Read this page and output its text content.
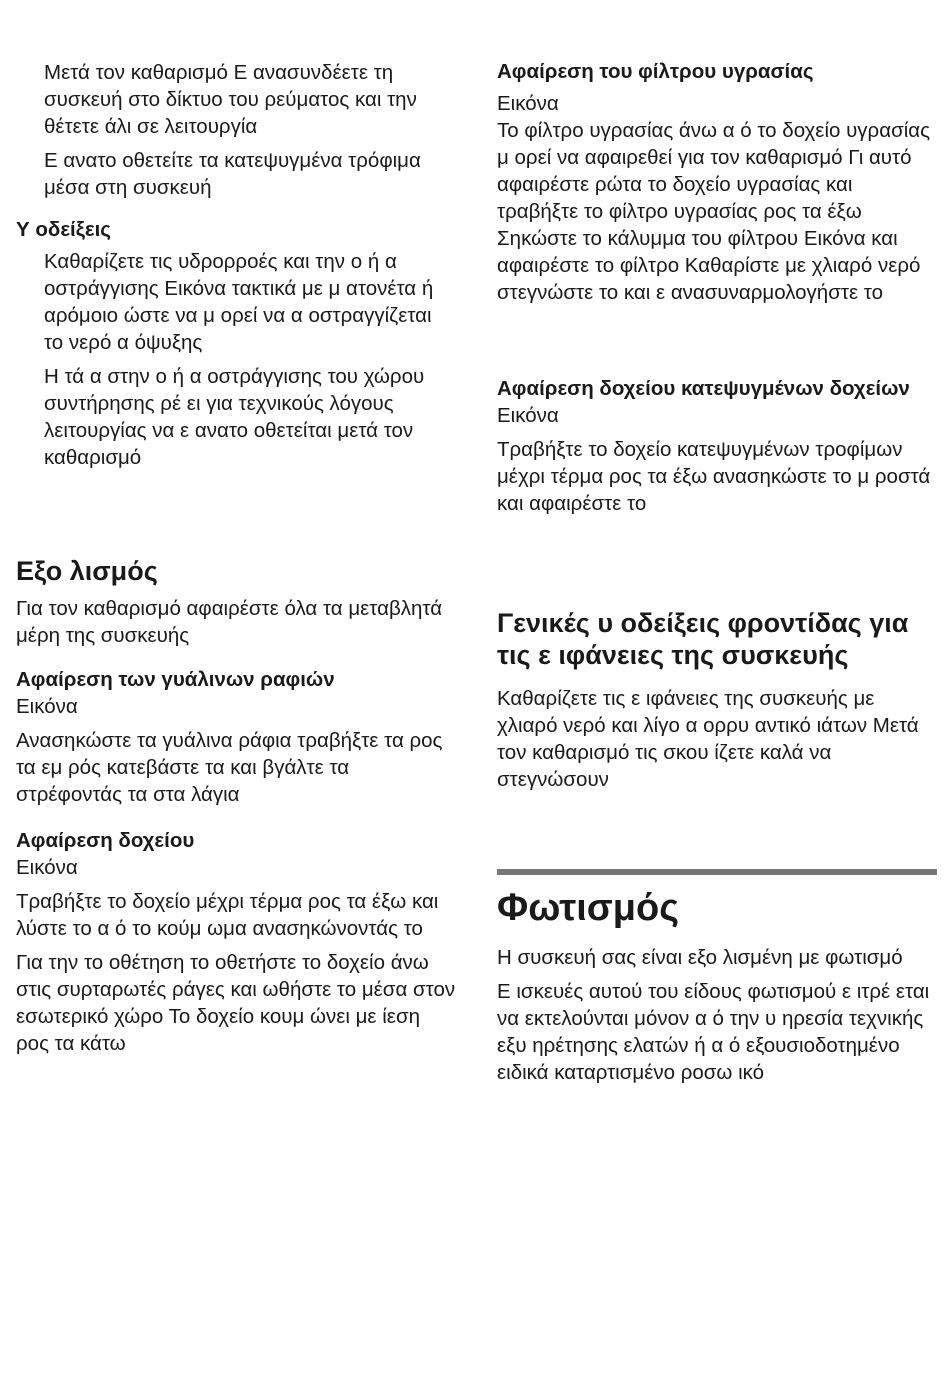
Μετά τον καθαρισμό Ε ανασυνδέετε τη συσκευή στο δίκτυο του ρεύματος και την θέτετε άλι σε λειτουργία

Ε ανατο οθετείτε τα κατεψυγμένα τρόφιμα μέσα στη συσκευή

Υ οδείξεις

Καθαρίζετε τις υδρορροές και την ο ή α οστράγγισης Εικόνα τακτικά με μ ατονέτα ή αρόμοιο ώστε να μ ορεί να α οστραγγίζεται το νερό α όψυξης

Η τά α στην ο ή α οστράγγισης του χώρου συντήρησης ρέ ει για τεχνικούς λόγους λειτουργίας να ε ανατο οθετείται μετά τον καθαρισμό

Εξο λισμός

Για τον καθαρισμό αφαιρέστε όλα τα μεταβλητά μέρη της συσκευής

Αφαίρεση των γυάλινων ραφιών

Εικόνα

Ανασηκώστε τα γυάλινα ράφια τραβήξτε τα ρος τα εμ ρός κατεβάστε τα και βγάλτε τα στρέφοντάς τα στα λάγια

Αφαίρεση δοχείου

Εικόνα

Τραβήξτε το δοχείο μέχρι τέρμα ρος τα έξω και λύστε το α ό το κούμ ωμα ανασηκώνοντάς το

Για την το οθέτηση το οθετήστε το δοχείο άνω στις συρταρωτές ράγες και ωθήστε το μέσα στον εσωτερικό χώρο Το δοχείο κουμ ώνει με ίεση ρος τα κάτω

Αφαίρεση του φίλτρου υγρασίας

Εικόνα

Το φίλτρο υγρασίας άνω α ό το δοχείο υγρασίας μ ορεί να αφαιρεθεί για τον καθαρισμό Γι αυτό αφαιρέστε ρώτα το δοχείο υγρασίας και τραβήξτε το φίλτρο υγρασίας ρος τα έξω Σηκώστε το κάλυμμα του φίλτρου Εικόνα και αφαιρέστε το φίλτρο Καθαρίστε με χλιαρό νερό στεγνώστε το και ε ανασυναρμολογήστε το

Αφαίρεση δοχείου κατεψυγμένων δοχείων

Εικόνα

Τραβήξτε το δοχείο κατεψυγμένων τροφίμων μέχρι τέρμα ρος τα έξω ανασηκώστε το μ ροστά και αφαιρέστε το

Γενικές υ οδείξεις φροντίδας για τις ε ιφάνειες της συσκευής

Καθαρίζετε τις ε ιφάνειες της συσκευής με χλιαρό νερό και λίγο α ορρυ αντικό ιάτων Μετά τον καθαρισμό τις σκου ίζετε καλά να στεγνώσουν

Φωτισμός

Η συσκευή σας είναι εξο λισμένη με φωτισμό

Ε ισκευές αυτού του είδους φωτισμού ε ιτρέ εται να εκτελούνται μόνον α ό την υ ηρεσία τεχνικής εξυ ηρέτησης ελατών ή α ό εξουσιοδοτημένο ειδικά καταρτισμένο ροσω ικό
